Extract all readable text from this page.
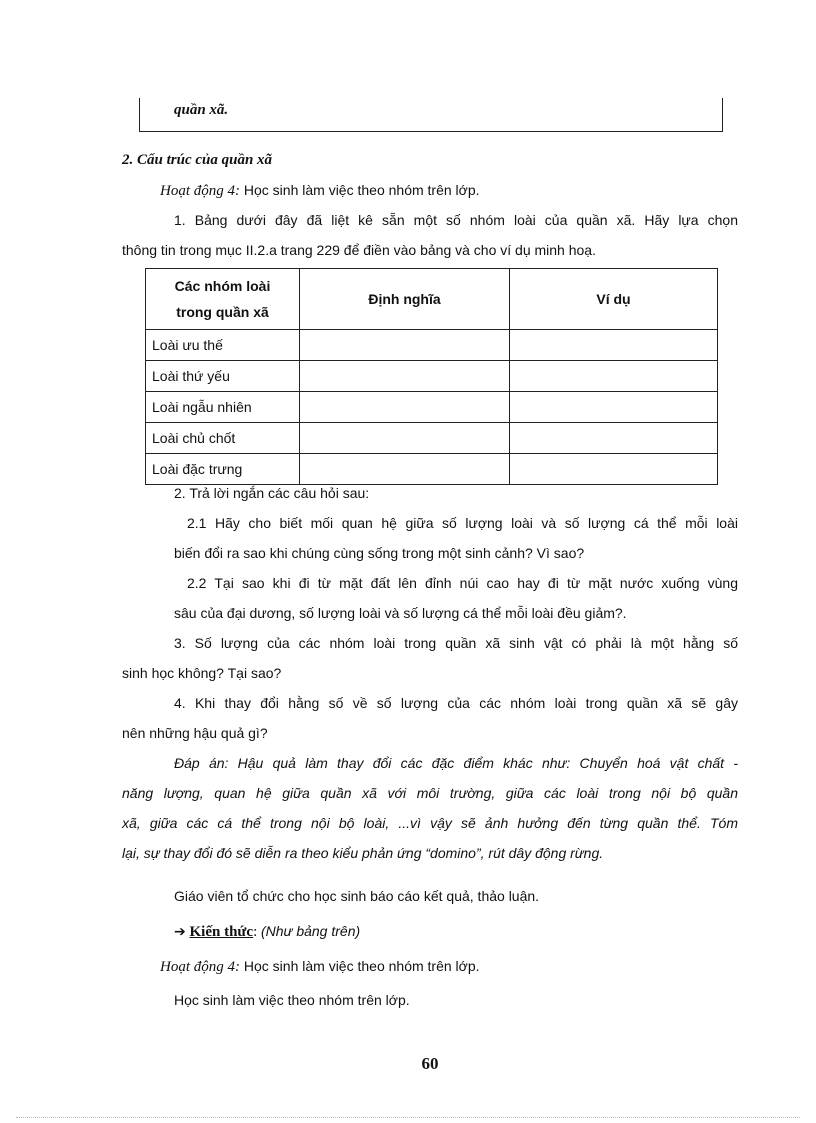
quần xã.
2. Cấu trúc của quần xã
Hoạt động 4: Học sinh làm việc theo nhóm trên lớp.
1. Bảng dưới đây đã liệt kê sẵn một số nhóm loài của quần xã. Hãy lựa chọn
thông tin trong mục II.2.a trang 229 để điền vào bảng và cho ví dụ minh hoạ.
Các nhóm loài
trong quần xã	Định nghĩa	Ví dụ
Loài ưu thế		
Loài thứ yếu		
Loài ngẫu nhiên		
Loài chủ chốt		
Loài đặc trưng		
2. Trả lời ngắn các câu hỏi sau:
2.1 Hãy cho biết mối quan hệ giữa số lượng loài và số lượng cá thể mỗi loài
biến đổi ra sao khi chúng cùng sống trong một sinh cảnh? Vì sao?
2.2 Tại sao khi đi từ mặt đất lên đỉnh núi cao hay đi từ mặt nước xuống vùng
sâu của đại dương, số lượng loài và số lượng cá thể mỗi loài đều giảm?.
3. Số lượng của các nhóm loài trong quần xã sinh vật có phải là một hằng số
sinh học không? Tại sao?
4. Khi thay đổi hằng số về số lượng của các nhóm loài trong quần xã sẽ gây
nên những hậu quả gì?
Đáp án: Hậu quả làm thay đổi các đặc điểm khác như: Chuyển hoá vật chất -
năng lượng, quan hệ giữa quần xã với môi trường, giữa các loài trong nội bộ quần
xã, giữa các cá thể trong nội bộ loài, ...vì vậy sẽ ảnh hưởng đến từng quần thể. Tóm
lại, sự thay đổi đó sẽ diễn ra theo kiểu phản ứng “domino”, rút dây động rừng.
Giáo viên tổ chức cho học sinh báo cáo kết quả, thảo luận.
➔ Kiến thức: (Như bảng trên)
Hoạt động 4: Học sinh làm việc theo nhóm trên lớp.
Học sinh làm việc theo nhóm trên lớp.
60
